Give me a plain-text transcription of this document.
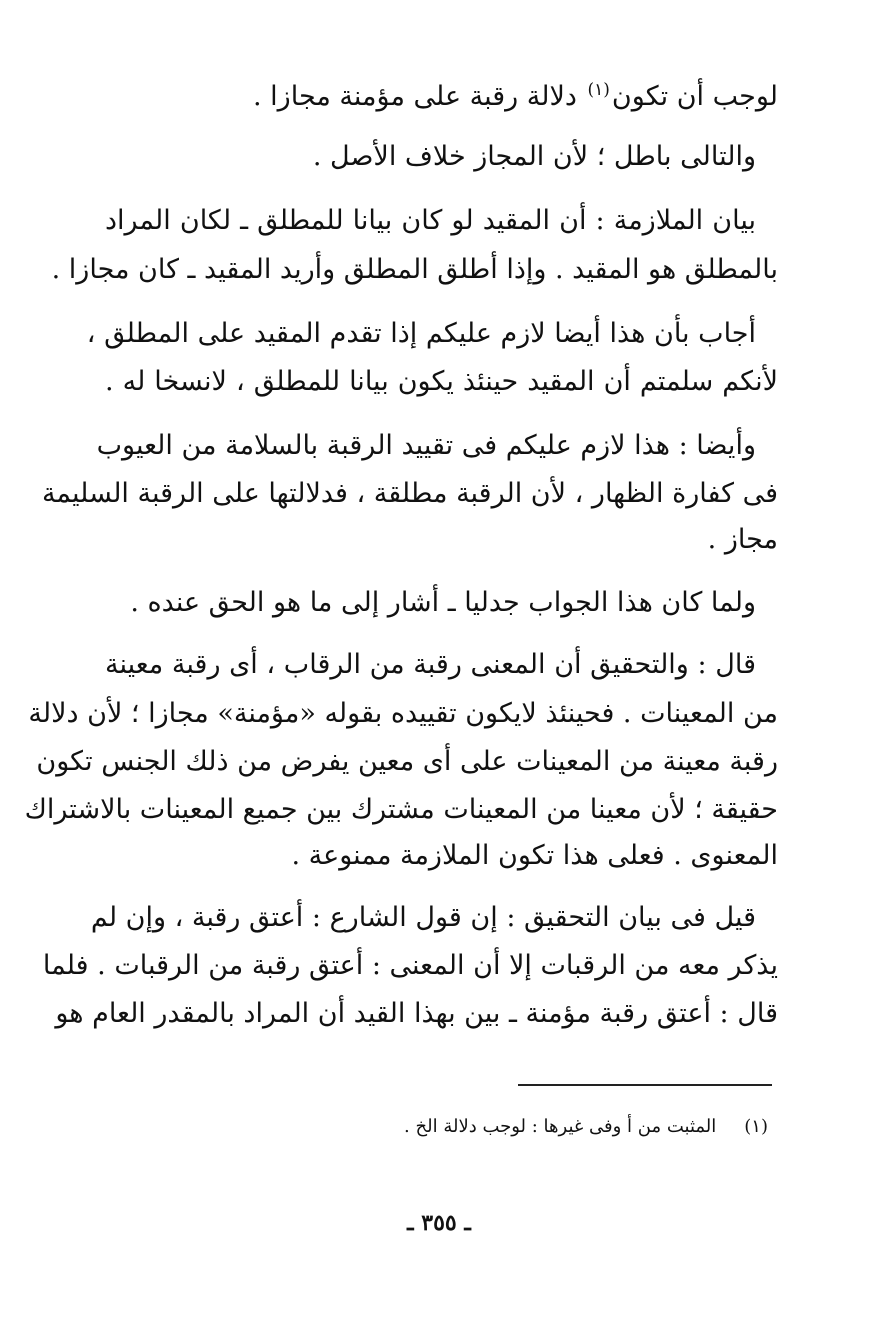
لوجب أن تكون$^{(١)}$ دلالة رقبة على مؤمنة مجازا .
والتالى باطل ؛ لأن المجاز خلاف الأصل .
بيان الملازمة : أن المقيد لو كان بيانا للمطلق ـ لكان المراد
بالمطلق هو المقيد . وإذا أطلق المطلق وأريد المقيد ـ كان مجازا .
أجاب بأن هذا أيضا لازم عليكم إذا تقدم المقيد على المطلق ،
لأنكم سلمتم أن المقيد حينئذ يكون بيانا للمطلق ، لانسخا له .
وأيضا : هذا لازم عليكم فى تقييد الرقبة بالسلامة من العيوب
فى كفارة الظهار ، لأن الرقبة مطلقة ، فدلالتها على الرقبة السليمة
مجاز .
ولما كان هذا الجواب جدليا ـ أشار إلى ما هو الحق عنده .
قال : والتحقيق أن المعنى رقبة من الرقاب ، أى رقبة معينة
من المعينات . فحينئذ لايكون تقييده بقوله «مؤمنة» مجازا ؛ لأن دلالة
رقبة معينة من المعينات على أى معين يفرض من ذلك الجنس تكون
حقيقة ؛ لأن معينا من المعينات مشترك بين جميع المعينات بالاشتراك
المعنوى . فعلى هذا تكون الملازمة ممنوعة .
قيل فى بيان التحقيق : إن قول الشارع : أعتق رقبة ، وإن لم
يذكر معه من الرقبات إلا أن المعنى : أعتق رقبة من الرقبات . فلما
قال : أعتق رقبة مؤمنة ـ بين بهذا القيد أن المراد بالمقدر العام هو
(١)المثبت من أ وفى غيرها : لوجب دلالة الخ .
ـ ٣٥٥ ـ
